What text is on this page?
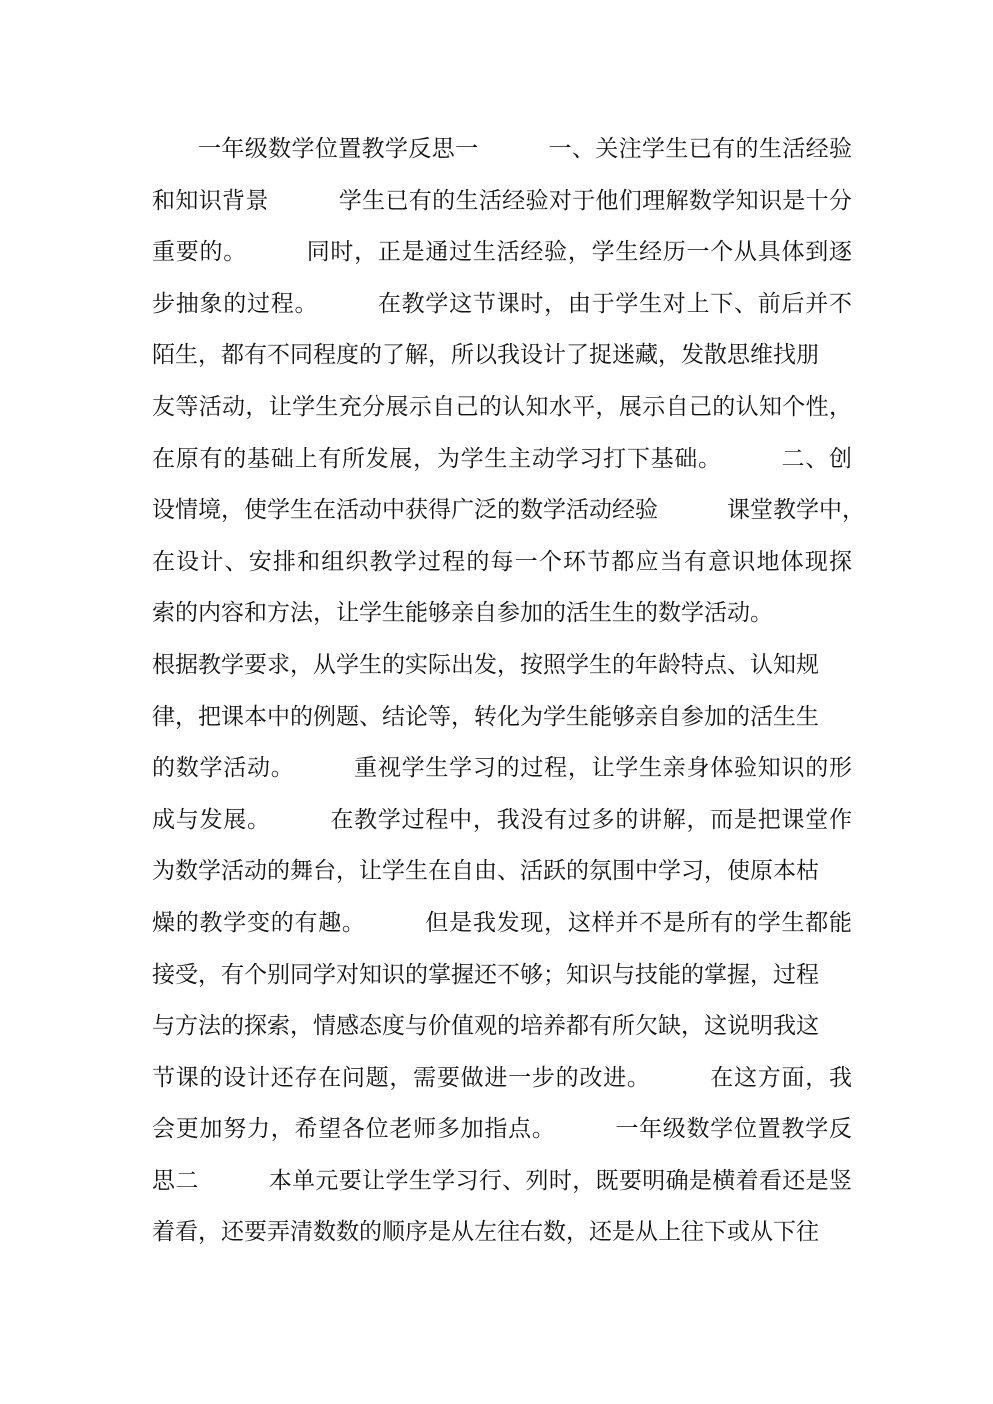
一年级数学位置教学反思一　　　一、关注学生已有的生活经验
和知识背景　　　学生已有的生活经验对于他们理解数学知识是十分
重要的。　　　同时，正是通过生活经验，学生经历一个从具体到逐
步抽象的过程。　　　在教学这节课时，由于学生对上下、前后并不
陌生，都有不同程度的了解，所以我设计了捉迷藏，发散思维找朋
友等活动，让学生充分展示自己的认知水平，展示自己的认知个性，
在原有的基础上有所发展，为学生主动学习打下基础。　　　二、创
设情境，使学生在活动中获得广泛的数学活动经验　　　课堂教学中，
在设计、安排和组织教学过程的每一个环节都应当有意识地体现探
索的内容和方法，让学生能够亲自参加的活生生的数学活动。
根据教学要求，从学生的实际出发，按照学生的年龄特点、认知规
律，把课本中的例题、结论等，转化为学生能够亲自参加的活生生
的数学活动。　　　重视学生学习的过程，让学生亲身体验知识的形
成与发展。　　　在教学过程中，我没有过多的讲解，而是把课堂作
为数学活动的舞台，让学生在自由、活跃的氛围中学习，使原本枯
燥的教学变的有趣。　　　但是我发现，这样并不是所有的学生都能
接受，有个别同学对知识的掌握还不够；知识与技能的掌握，过程
与方法的探索，情感态度与价值观的培养都有所欠缺，这说明我这
节课的设计还存在问题，需要做进一步的改进。　　　在这方面，我
会更加努力，希望各位老师多加指点。　　　一年级数学位置教学反
思二　　　本单元要让学生学习行、列时，既要明确是横着看还是竖
着看，还要弄清数数的顺序是从左往右数，还是从上往下或从下往
